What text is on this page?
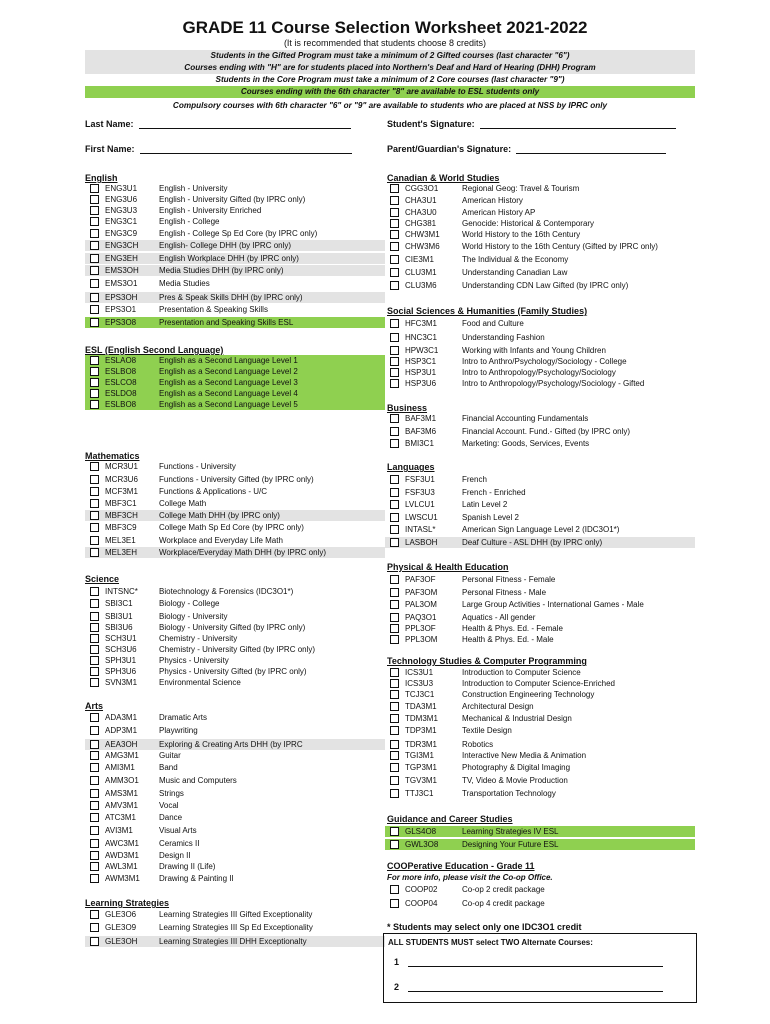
GRADE 11 Course Selection Worksheet 2021-2022
(It is recommended that students choose 8 credits)
Students in the Gifted Program must take a minimum of 2 Gifted courses (last character "6")
Courses ending with "H" are for students placed into Northern's Deaf and Hard of Hearing (DHH) Program
Students in the Core Program must take a minimum of 2 Core courses (last character "9")
Courses ending with the 6th character "8" are available to ESL students only
Compulsory courses with 6th character "6" or "9" are available to students who are placed at NSS by IPRC only
Last Name:	Student's Signature:
First Name:	Parent/Guardian's Signature:
English
ENG3U1	English - University
ENG3U6	English - University Gifted (by IPRC only)
ENG3U3	English - University Enriched
ENG3C1	English - College
ENG3C9	English - College Sp Ed Core (by IPRC only)
ENG3CH	English- College DHH (by IPRC only)
ENG3EH	English Workplace DHH (by IPRC only)
EMS3OH	Media Studies DHH (by IPRC only)
EMS3O1	Media Studies
EPS3OH	Pres & Speak Skills DHH (by IPRC only)
EPS3O1	Presentation & Speaking Skills
EPS3O8	Presentation and Speaking Skills ESL
ESL (English Second Language)
ESLAO8	English as a Second Language Level 1
ESLBO8	English as a Second Language Level 2
ESLCO8	English as a Second Language Level 3
ESLDO8	English as a Second Language Level 4
ESLBO8	English as a Second Language Level 5
Mathematics
MCR3U1	Functions - University
MCR3U6	Functions - University Gifted (by IPRC only)
MCF3M1	Functions & Applications - U/C
MBF3C1	College Math
MBF3CH	College Math DHH (by IPRC only)
MBF3C9	College Math Sp Ed Core (by IPRC only)
MEL3E1	Workplace and Everyday Life Math
MEL3EH	Workplace/Everyday Math DHH (by IPRC only)
Science
INTSNC*	Biotechnology & Forensics (IDC3O1*)
SBI3C1	Biology - College
SBI3U1	Biology - University
SBI3U6	Biology - University Gifted (by IPRC only)
SCH3U1	Chemistry - University
SCH3U6	Chemistry - University Gifted (by IPRC only)
SPH3U1	Physics - University
SPH3U6	Physics - University Gifted (by IPRC only)
SVN3M1	Environmental Science
Arts
ADA3M1	Dramatic Arts
ADP3M1	Playwriting
AEA3OH	Exploring & Creating Arts DHH (by IPRC
AMG3M1	Guitar
AMI3M1	Band
AMM3O1	Music and Computers
AMS3M1	Strings
AMV3M1	Vocal
ATC3M1	Dance
AVI3M1	Visual Arts
AWC3M1	Ceramics II
AWD3M1	Design II
AWL3M1	Drawing II (Life)
AWM3M1 Drawing & Painting II
Learning Strategies
GLE3O6	Learning Strategies III Gifted Exceptionality
GLE3O9	Learning Strategies III Sp Ed Exceptionality
GLE3OH	Learning Strategies III DHH Exceptionalty
Canadian & World Studies
CGG3O1	Regional Geog: Travel & Tourism
CHA3U1	American History
CHA3U0	American History AP
CHG381	Genocide: Historical & Contemporary
CHW3M1	World History to the 16th Century
CHW3M6	World History to the 16th Century (Gifted by IPRC only)
CIE3M1	The Individual & the Economy
CLU3M1	Understanding Canadian Law
CLU3M6	Understanding CDN Law Gifted (by IPRC only)
Social Sciences & Humanities (Family Studies)
HFC3M1	Food and Culture
HNC3C1	Understanding Fashion
HPW3C1	Working with Infants and Young Children
HSP3C1	Intro to Anthro/Psychology/Sociology - College
HSP3U1	Intro to Anthropology/Psychology/Sociology
HSP3U6	Intro to Anthropology/Psychology/Sociology - Gifted
Business
BAF3M1	Financial Accounting Fundamentals
BAF3M6	Financial Account. Fund.- Gifted (by IPRC only)
BMI3C1	Marketing: Goods, Services, Events
Languages
FSF3U1	French
FSF3U3	French - Enriched
LVLCU1	Latin Level 2
LWSCU1	Spanish Level 2
INTASL*	American Sign Language Level 2 (IDC3O1*)
LASBOH	Deaf Culture - ASL DHH (by IPRC only)
Physical & Health Education
PAF3OF	Personal Fitness - Female
PAF3OM	Personal Fitness - Male
PAL3OM	Large Group Activities - International Games - Male
PAQ3O1	Aquatics - All gender
PPL3OF	Health & Phys. Ed. - Female
PPL3OM	Health & Phys. Ed. - Male
Technology Studies & Computer Programming
ICS3U1	Introduction to Computer Science
ICS3U3	Introduction to Computer Science-Enriched
TCJ3C1	Construction Engineering Technology
TDA3M1	Architectural Design
TDM3M1	Mechanical & Industrial Design
TDP3M1	Textile Design
TDR3M1	Robotics
TGI3M1	Interactive New Media & Animation
TGP3M1	Photography & Digital Imaging
TGV3M1	TV, Video & Movie Production
TTJ3C1	Transportation Technology
Guidance and Career Studies
GLS4O8	Learning Strategies IV ESL
GWL3O8	Designing Your Future ESL
COOPerative Education - Grade 11
For more info, please visit the Co-op Office.
COOP02	Co-op 2 credit package
COOP04	Co-op 4 credit package
* Students may select only one IDC3O1 credit
ALL STUDENTS MUST select TWO Alternate Courses:
1
2
